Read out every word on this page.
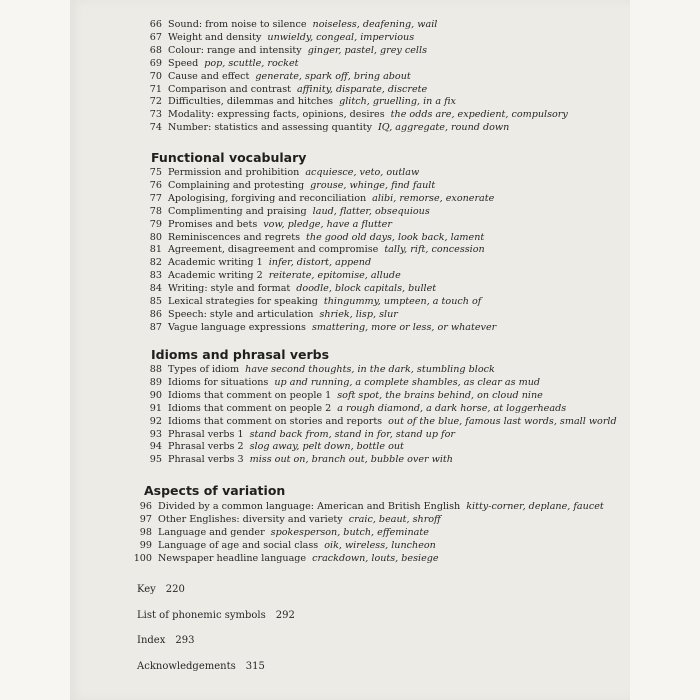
66 Sound: from noise to silence noiseless, deafening, wail
67 Weight and density unwieldy, congeal, impervious
68 Colour: range and intensity ginger, pastel, grey cells
69 Speed pop, scuttle, rocket
70 Cause and effect generate, spark off, bring about
71 Comparison and contrast affinity, disparate, discrete
72 Difficulties, dilemmas and hitches glitch, gruelling, in a fix
73 Modality: expressing facts, opinions, desires the odds are, expedient, compulsory
74 Number: statistics and assessing quantity IQ, aggregate, round down
Functional vocabulary
75 Permission and prohibition acquiesce, veto, outlaw
76 Complaining and protesting grouse, whinge, find fault
77 Apologising, forgiving and reconciliation alibi, remorse, exonerate
78 Complimenting and praising laud, flatter, obsequious
79 Promises and bets vow, pledge, have a flutter
80 Reminiscences and regrets the good old days, look back, lament
81 Agreement, disagreement and compromise tally, rift, concession
82 Academic writing 1 infer, distort, append
83 Academic writing 2 reiterate, epitomise, allude
84 Writing: style and format doodle, block capitals, bullet
85 Lexical strategies for speaking thingummy, umpteen, a touch of
86 Speech: style and articulation shriek, lisp, slur
87 Vague language expressions smattering, more or less, or whatever
Idioms and phrasal verbs
88 Types of idiom have second thoughts, in the dark, stumbling block
89 Idioms for situations up and running, a complete shambles, as clear as mud
90 Idioms that comment on people 1 soft spot, the brains behind, on cloud nine
91 Idioms that comment on people 2 a rough diamond, a dark horse, at loggerheads
92 Idioms that comment on stories and reports out of the blue, famous last words, small world
93 Phrasal verbs 1 stand back from, stand in for, stand up for
94 Phrasal verbs 2 slog away, pelt down, bottle out
95 Phrasal verbs 3 miss out on, branch out, bubble over with
Aspects of variation
96 Divided by a common language: American and British English kitty-corner, deplane, faucet
97 Other Englishes: diversity and variety craic, beaut, shroff
98 Language and gender spokesperson, butch, effeminate
99 Language of age and social class oik, wireless, luncheon
100 Newspaper headline language crackdown, louts, besiege
Key 220
List of phonemic symbols 292
Index 293
Acknowledgements 315
